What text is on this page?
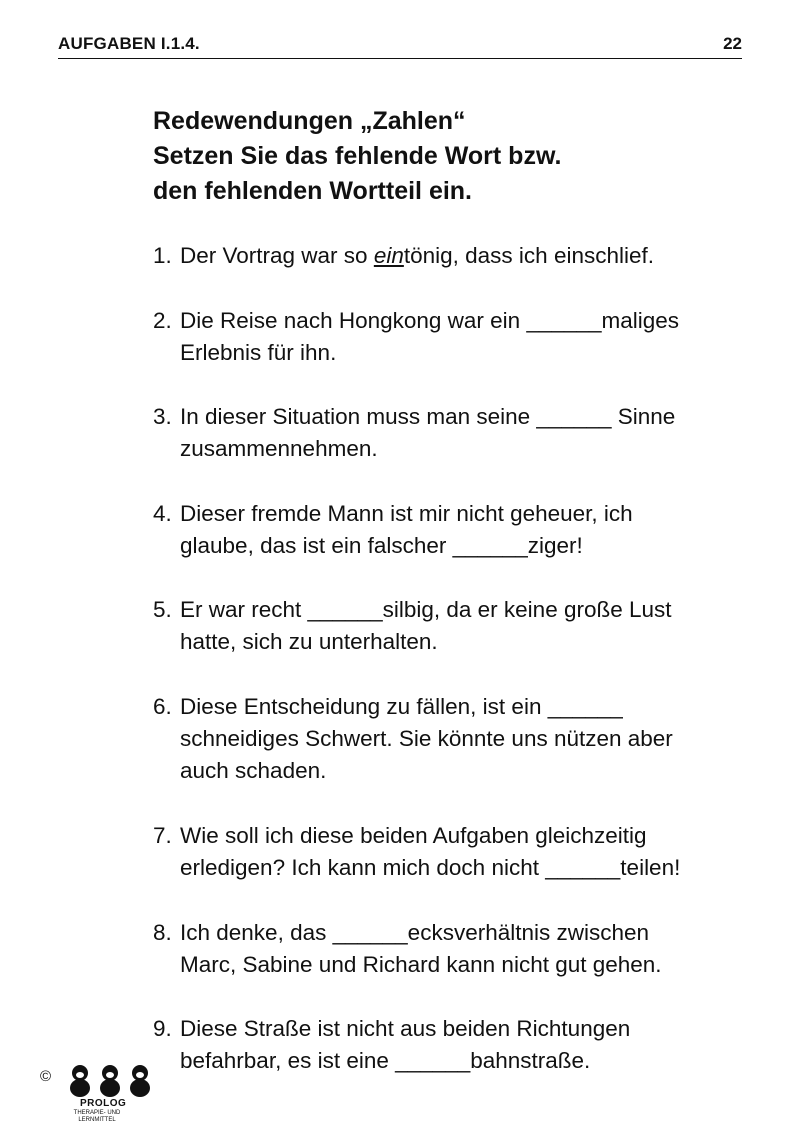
AUFGABEN I.1.4.	22
Redewendungen „Zahlen“
Setzen Sie das fehlende Wort bzw.
den fehlenden Wortteil ein.
1. Der Vortrag war so eintönig, dass ich einschlief.
2. Die Reise nach Hongkong war ein ______maliges
Erlebnis für ihn.
3. In dieser Situation muss man seine ______ Sinne
zusammennehmen.
4. Dieser fremde Mann ist mir nicht geheuer, ich
glaube, das ist ein falscher ______ziger!
5. Er war recht ______silbig, da er keine große Lust
hatte, sich zu unterhalten.
6. Diese Entscheidung zu fällen, ist ein ______
schneidiges Schwert. Sie könnte uns nützen aber
auch schaden.
7. Wie soll ich diese beiden Aufgaben gleichzeitig
erledigen? Ich kann mich doch nicht ______teilen!
8. Ich denke, das ______ecksverhältnis zwischen
Marc, Sabine und Richard kann nicht gut gehen.
9. Diese Straße ist nicht aus beiden Richtungen
befahrbar, es ist eine ______bahnstraße.
©
PROLOG
THERAPIE- UND
LERNMITTEL
